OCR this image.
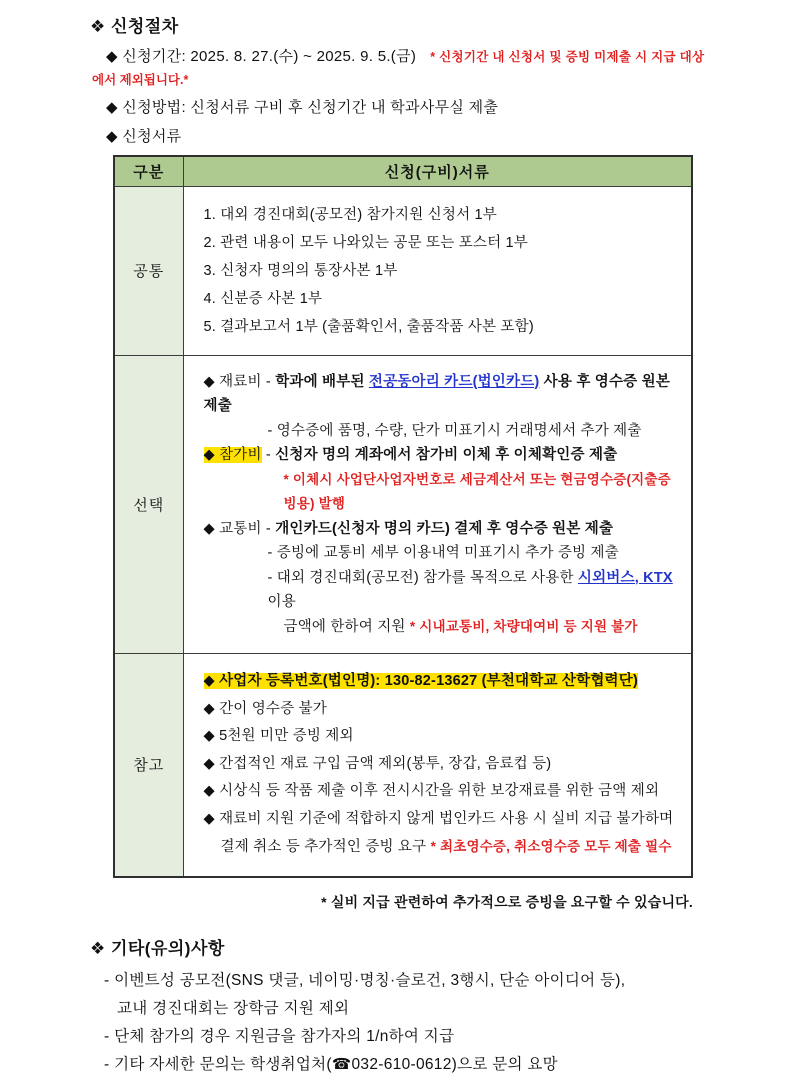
❖ 신청절차
◆ 신청기간: 2025. 8. 27.(수) ~ 2025. 9. 5.(금) * 신청기간 내 신청서 및 증빙 미제출 시 지급 대상
에서 제외됩니다.*
◆ 신청방법: 신청서류 구비 후 신청기간 내 학과사무실 제출
◆ 신청서류
구분	신청(구비)서류
공통	1. 대외 경진대회(공모전) 참가지원 신청서 1부
2. 관련 내용이 모두 나와있는 공문 또는 포스터 1부
3. 신청자 명의의 통장사본 1부
4. 신분증 사본 1부
5. 결과보고서 1부 (출품확인서, 출품작품 사본 포함)

선택	
◆ 재료비 - 학과에 배부된 전공동아리 카드(법인카드) 사용 후 영수증 원본 제출
- 영수증에 품명, 수량, 단가 미표기시 거래명세서 추가 제출
◆ 참가비 - 신청자 명의 계좌에서 참가비 이체 후 이체확인증 제출
* 이체시 사업단사업자번호로 세금계산서 또는 현금영수증(지출증빙용) 발행
◆ 교통비 - 개인카드(신청자 명의 카드) 결제 후 영수증 원본 제출
- 증빙에 교통비 세부 이용내역 미표기시 추가 증빙 제출
- 대외 경진대회(공모전) 참가를 목적으로 사용한 시외버스, KTX 이용
금액에 한하여 지원 * 시내교통비, 차량대여비 등 지원 불가

참고	
◆ 사업자 등록번호(법인명): 130-82-13627 (부천대학교 산학협력단)
◆ 간이 영수증 불가
◆ 5천원 미만 증빙 제외
◆ 간접적인 재료 구입 금액 제외(봉투, 장갑, 음료컵 등)
◆ 시상식 등 작품 제출 이후 전시시간을 위한 보강재료를 위한 금액 제외
◆ 재료비 지원 기준에 적합하지 않게 법인카드 사용 시 실비 지급 불가하며
결제 취소 등 추가적인 증빙 요구 * 최초영수증, 취소영수증 모두 제출 필수
* 실비 지급 관련하여 추가적으로 증빙을 요구할 수 있습니다.
❖ 기타(유의)사항
- 이벤트성 공모전(SNS 댓글, 네이밍·명칭·슬로건, 3행시, 단순 아이디어 등),
교내 경진대회는 장학금 지원 제외
- 단체 참가의 경우 지원금을 참가자의 1/n하여 지급
- 기타 자세한 문의는 학생취업처(☎032-610-0612)으로 문의 요망
